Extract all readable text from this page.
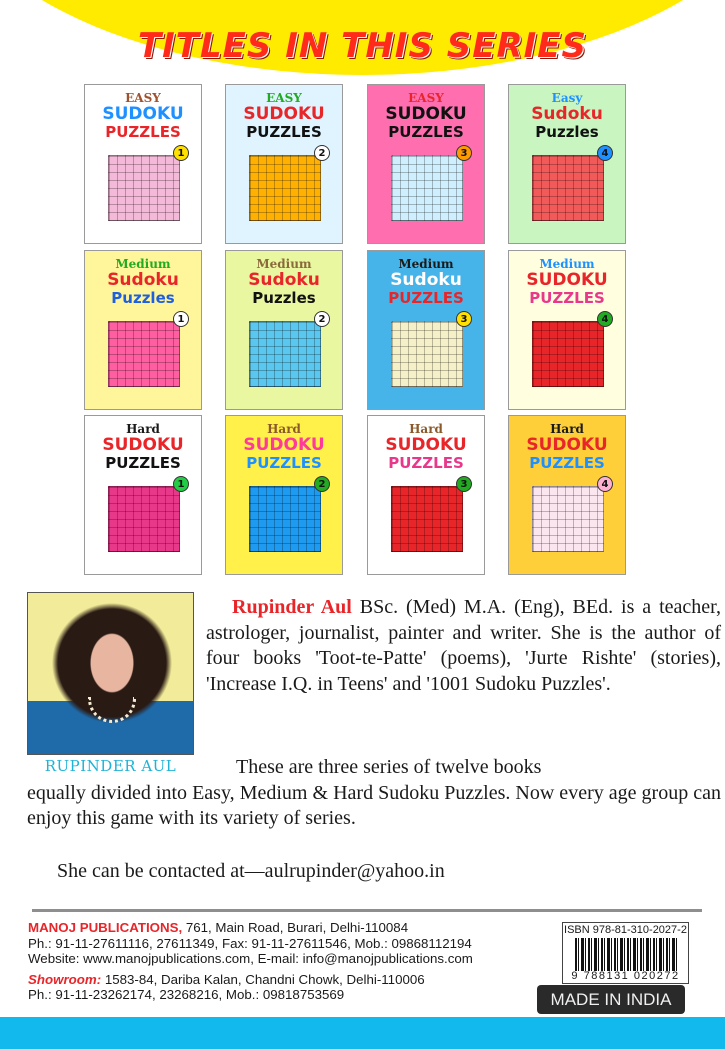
TITLES IN THIS SERIES
EASY
SUDOKU
PUZZLES
1
EASY
SUDOKU
PUZZLES
2
EASY
SUDOKU
PUZZLES
3
Easy
Sudoku
Puzzles
4
Medium
Sudoku
Puzzles
1
Medium
Sudoku
Puzzles
2
Medium
Sudoku
PUZZLES
3
Medium
SUDOKU
PUZZLES
4
Hard
SUDOKU
PUZZLES
1
Hard
SUDOKU
PUZZLES
2
Hard
SUDOKU
PUZZLES
3
Hard
SUDOKU
PUZZLES
4
RUPINDER AUL

Rupinder Aul BSc. (Med) M.A. (Eng), BEd. is a teacher, astrologer, journalist, painter and writer. She is the author of four books 'Toot-te-Patte' (poems), 'Jurte Rishte' (stories), 'Increase I.Q. in Teens' and '1001 Sudoku Puzzles'.

These are three series of twelve books
equally divided into Easy, Medium & Hard Sudoku Puzzles. Now every age group can enjoy this game with its variety of series.

She can be contacted at—aulrupinder@yahoo.in

MANOJ PUBLICATIONS, 761, Main Road, Burari, Delhi-110084
Ph.: 91-11-27611116, 27611349, Fax: 91-11-27611546, Mob.: 09868112194
Website: www.manojpublications.com, E-mail: info@manojpublications.com
Showroom: 1583-84, Dariba Kalan, Chandni Chowk, Delhi-110006
Ph.: 91-11-23262174, 23268216, Mob.: 09818753569
ISBN 978-81-310-2027-2
9 788131 020272
MADE IN INDIA
